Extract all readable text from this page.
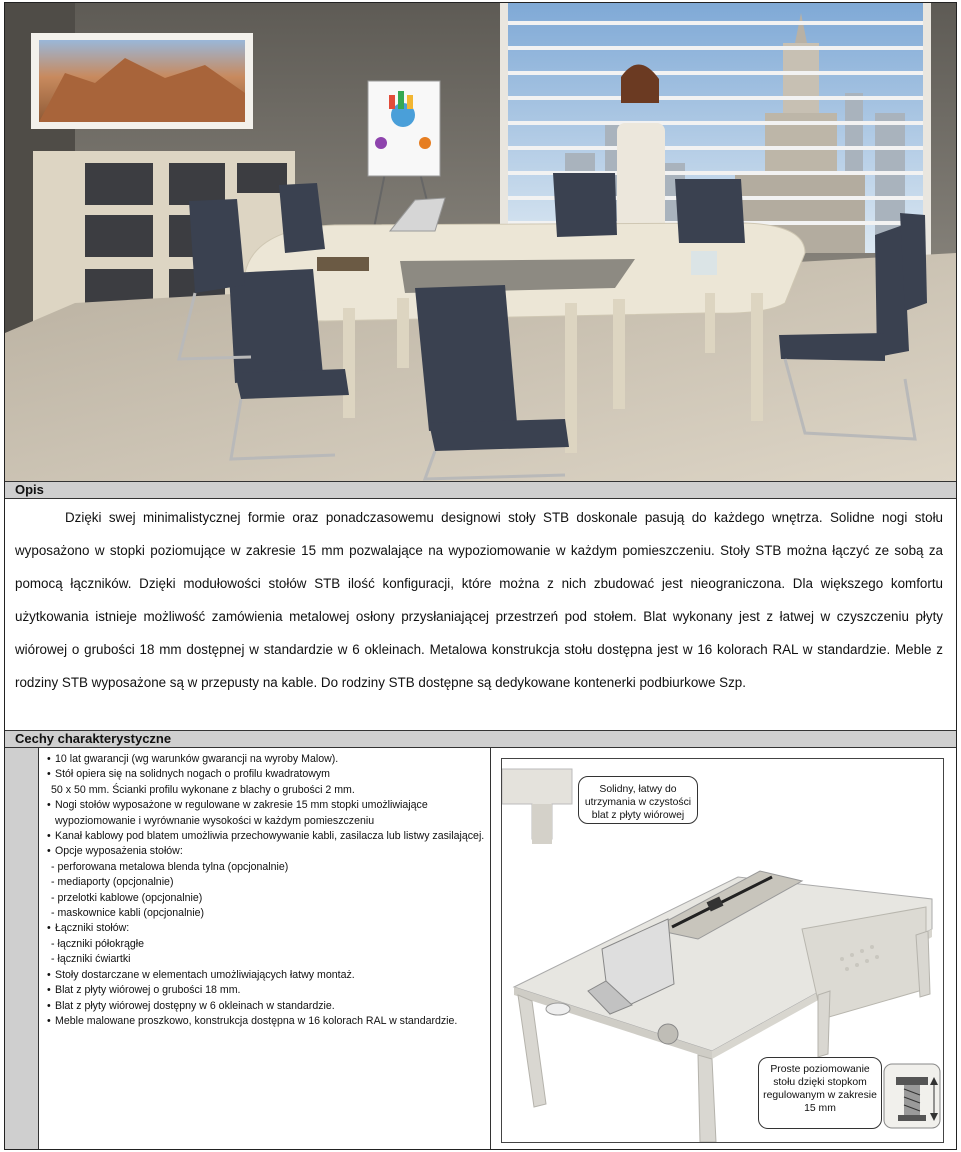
Opis
Dzięki swej minimalistycznej formie oraz ponadczasowemu designowi stoły STB doskonale pasują do każdego wnętrza. Solidne nogi stołu wyposażono w stopki poziomujące w zakresie 15 mm pozwalające na wypoziomowanie w każdym pomieszczeniu. Stoły STB można łączyć ze sobą za pomocą łączników. Dzięki modułowości stołów STB ilość konfiguracji, które można z nich zbudować jest nieograniczona. Dla większego komfortu użytkowania istnieje możliwość zamówienia metalowej osłony przysłaniającej przestrzeń pod stołem. Blat wykonany jest z łatwej w czyszczeniu płyty wiórowej o grubości 18 mm dostępnej w standardzie w 6 okleinach. Metalowa konstrukcja stołu dostępna jest w 16 kolorach RAL w standardzie. Meble z rodziny STB wyposażone są w przepusty na kable. Do rodziny STB dostępne są dedykowane kontenerki podbiurkowe Szp.
Cechy charakterystyczne
• 10 lat gwarancji (wg warunków gwarancji na wyroby Malow).
• Stół opiera się na solidnych nogach o profilu kwadratowym
50 x 50 mm. Ścianki profilu wykonane z blachy o grubości 2 mm.
• Nogi stołów wyposażone w regulowane w zakresie 15 mm stopki umożliwiające wypoziomowanie i wyrównanie wysokości w każdym pomieszczeniu
• Kanał kablowy pod blatem umożliwia przechowywanie kabli, zasilacza lub listwy zasilającej.
• Opcje wyposażenia stołów:
- perforowana metalowa blenda tylna (opcjonalnie)
- mediaporty (opcjonalnie)
- przelotki kablowe (opcjonalnie)
- maskownice kabli (opcjonalnie)
• Łączniki stołów:
- łączniki półokrągłe
- łączniki ćwiartki
• Stoły dostarczane w elementach umożliwiających łatwy montaż.
• Blat z płyty wiórowej o grubości 18 mm.
• Blat z płyty wiórowej dostępny w 6 okleinach w standardzie.
• Meble malowane proszkowo, konstrukcja dostępna w 16 kolorach RAL w standardzie.
Solidny, łatwy do utrzymania w czystości blat z płyty wiórowej
Proste poziomowanie stołu dzięki stopkom regulowanym w zakresie 15 mm
